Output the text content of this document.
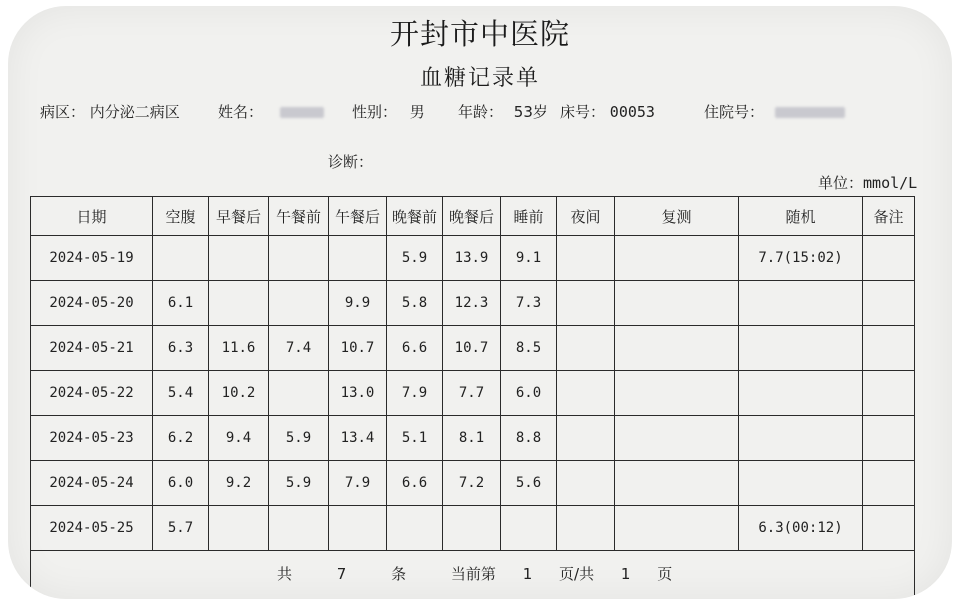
开封市中医院
血糖记录单
病区： 内分泌二病区	姓名：	性别： 男 年龄： 53岁 床号： 00053	住院号：
诊断：
单位：mmol/L
日期	空腹	早餐后	午餐前	午餐后	晚餐前	晚餐后	睡前	夜间	复测	随机	备注
2024-05-19					5.9	13.9	9.1			7.7(15:02)	
2024-05-20	6.1			9.9	5.8	12.3	7.3				
2024-05-21	6.3	11.6	7.4	10.7	6.6	10.7	8.5				
2024-05-22	5.4	10.2		13.0	7.9	7.7	6.0				
2024-05-23	6.2	9.4	5.9	13.4	5.1	8.1	8.8				
2024-05-24	6.0	9.2	5.9	7.9	6.6	7.2	5.6				
2024-05-25	5.7									6.3(00:12)	
共 7 条 当前第 1 页/共 1 页											
